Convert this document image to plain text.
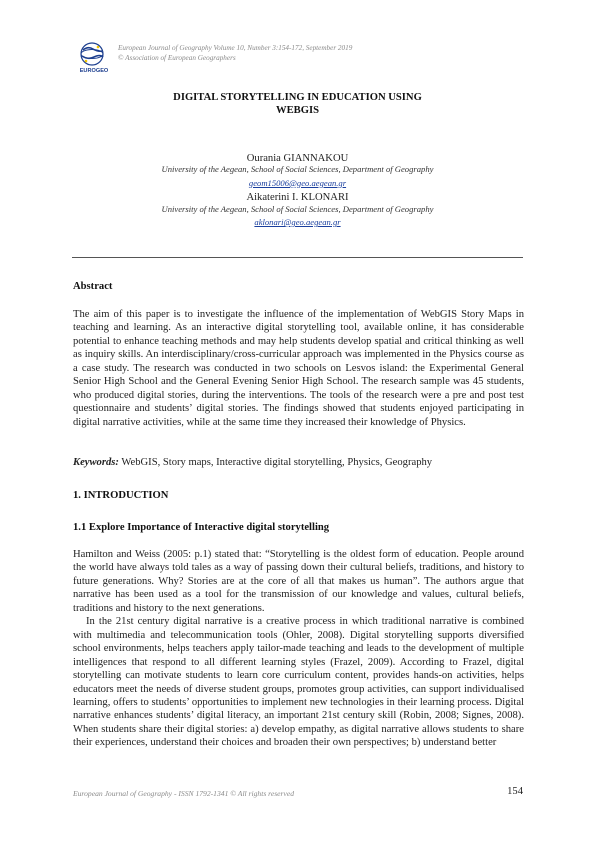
EUROGEO
European Journal of Geography Volume 10, Number 3:154-172, September 2019
© Association of European Geographers
DIGITAL STORYTELLING IN EDUCATION USING
WEBGIS
Ourania GIANNAKOU
University of the Aegean, School of Social Sciences, Department of Geography
geom15006@geo.aegean.gr
Aikaterini I. KLONARI
University of the Aegean, School of Social Sciences, Department of Geography
aklonari@geo.aegean.gr
Abstract

The aim of this paper is to investigate the influence of the implementation of WebGIS Story Maps in teaching and learning. As an interactive digital storytelling tool, available online, it has considerable potential to enhance teaching methods and may help students develop spatial and critical thinking as well as inquiry skills. An interdisciplinary/cross-curricular approach was implemented in the Physics course as a case study. The research was conducted in two schools on Lesvos island: the Experimental General Senior High School and the General Evening Senior High School. The research sample was 45 students, who produced digital stories, during the interventions. The tools of the research were a pre and post test questionnaire and students’ digital stories. The findings showed that students enjoyed participating in digital narrative activities, while at the same time they increased their knowledge of Physics.

Keywords: WebGIS, Story maps, Interactive digital storytelling, Physics, Geography
1. INTRODUCTION
1.1 Explore Importance of Interactive digital storytelling

Hamilton and Weiss (2005: p.1) stated that: “Storytelling is the oldest form of education. People around the world have always told tales as a way of passing down their cultural beliefs, traditions, and history to future generations. Why? Stories are at the core of all that makes us human”. The authors argue that narrative has been used as a tool for the transmission of our knowledge and values, cultural beliefs, traditions and history to the next generations.

In the 21st century digital narrative is a creative process in which traditional narrative is combined with multimedia and telecommunication tools (Ohler, 2008). Digital storytelling supports diversified school environments, helps teachers apply tailor-made teaching and leads to the development of multiple intelligences that respond to all different learning styles (Frazel, 2009). According to Frazel, digital storytelling can motivate students to learn core curriculum content, provides hands-on activities, helps educators meet the needs of diverse student groups, promotes group activities, can support individualised learning, offers to students’ opportunities to implement new technologies in their learning process. Digital narrative enhances students’ digital literacy, an important 21st century skill (Robin, 2008; Signes, 2008). When students share their digital stories: a) develop empathy, as digital narrative allows students to share their experiences, understand their choices and broaden their own perspectives; b) understand better

European Journal of Geography - ISSN 1792-1341 © All rights reserved	154
